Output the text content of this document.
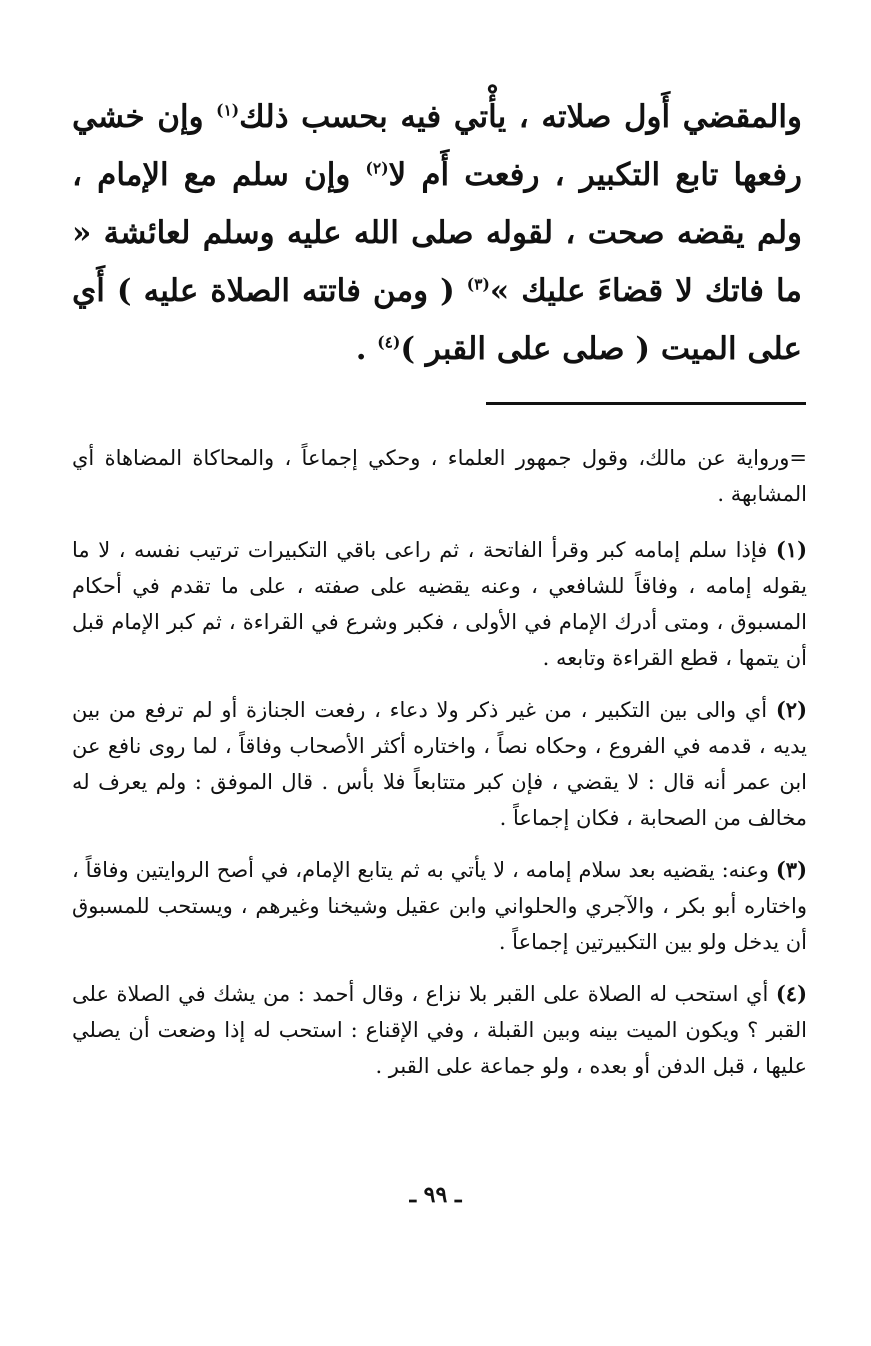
والمقضي أَول صلاته ، يأْتي فيه بحسب ذلك$^{(١)}$ وإن خشي رفعها تابع التكبير ، رفعت أَم لا$^{(٢)}$ وإن سلم مع الإمام ، ولم يقضه صحت ، لقوله صلى الله عليه وسلم لعائشة « ما فاتك لا قضاءَ عليك »$^{(٣)}$ ( ومن فاتته الصلاة عليه ) أَي على الميت ( صلى على القبر )$^{(٤)}$ .

=ورواية عن مالك، وقول جمهور العلماء ، وحكي إجماعاً ، والمحاكاة المضاهاة أي المشابهة .

(١) فإذا سلم إمامه كبر وقرأ الفاتحة ، ثم راعى باقي التكبيرات ترتيب نفسه ، لا ما يقوله إمامه ، وفاقاً للشافعي ، وعنه يقضيه على صفته ، على ما تقدم في أحكام المسبوق ، ومتى أدرك الإمام في الأولى ، فكبر وشرع في القراءة ، ثم كبر الإمام قبل أن يتمها ، قطع القراءة وتابعه .

(٢) أي والى بين التكبير ، من غير ذكر ولا دعاء ، رفعت الجنازة أو لم ترفع من بين يديه ، قدمه في الفروع ، وحكاه نصاً ، واختاره أكثر الأصحاب وفاقاً ، لما روى نافع عن ابن عمر أنه قال : لا يقضي ، فإن كبر متتابعاً فلا بأس . قال الموفق : ولم يعرف له مخالف من الصحابة ، فكان إجماعاً .

(٣) وعنه: يقضيه بعد سلام إمامه ، لا يأتي به ثم يتابع الإمام، في أصح الروايتين وفاقاً ، واختاره أبو بكر ، والآجري والحلواني وابن عقيل وشيخنا وغيرهم ، ويستحب للمسبوق أن يدخل ولو بين التكبيرتين إجماعاً .

(٤) أي استحب له الصلاة على القبر بلا نزاع ، وقال أحمد : من يشك في الصلاة على القبر ؟ ويكون الميت بينه وبين القبلة ، وفي الإقناع : استحب له إذا وضعت أن يصلي عليها ، قبل الدفن أو بعده ، ولو جماعة على القبر .

ـ ٩٩ ـ
